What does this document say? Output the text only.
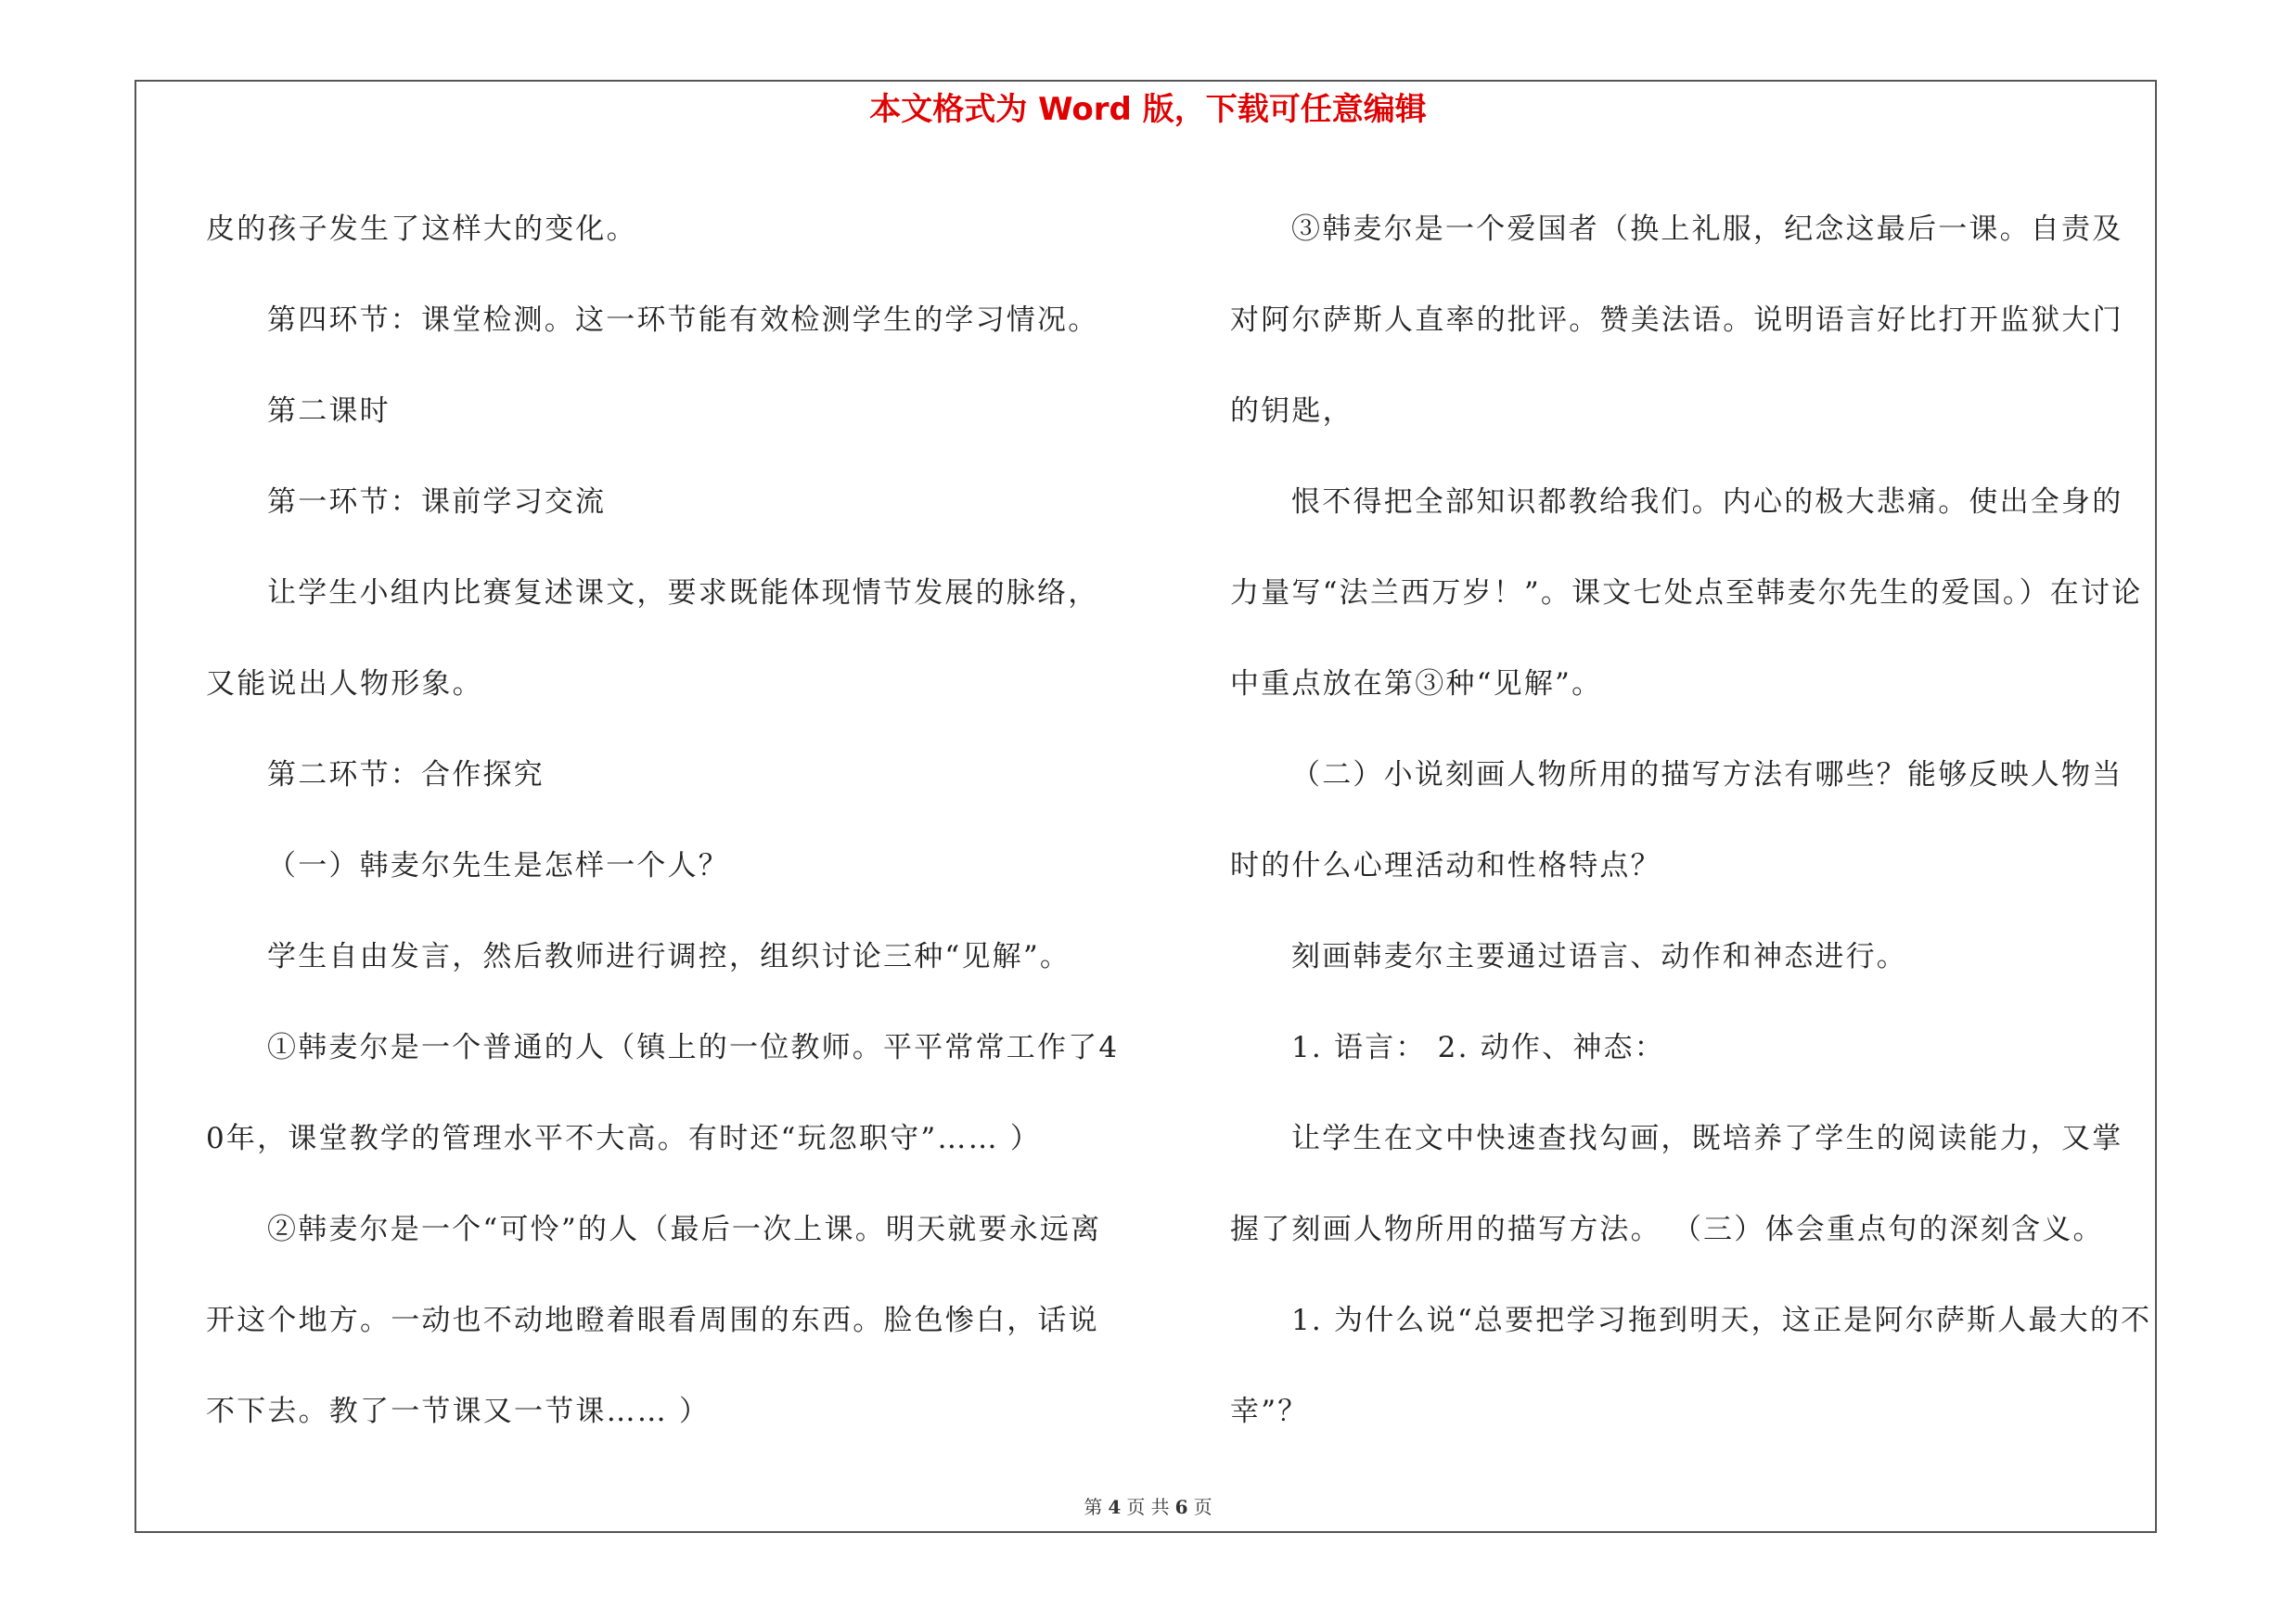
本文格式为 Word 版，下载可任意编辑

皮的孩子发生了这样大的变化。

第四环节：课堂检测。这一环节能有效检测学生的学习情况。

第二课时

第一环节：课前学习交流

让学生小组内比赛复述课文，要求既能体现情节发展的脉络，又能说出人物形象。

第二环节：合作探究

（一）韩麦尔先生是怎样一个人？

学生自由发言，然后教师进行调控，组织讨论三种“见解”。

①韩麦尔是一个普通的人（镇上的一位教师。平平常常工作了40年，课堂教学的管理水平不大高。有时还“玩忽职守”…… ）

②韩麦尔是一个“可怜”的人（最后一次上课。明天就要永远离开这个地方。一动也不动地瞪着眼看周围的东西。脸色惨白，话说不下去。教了一节课又一节课…… ）

③韩麦尔是一个爱国者（换上礼服，纪念这最后一课。自责及对阿尔萨斯人直率的批评。赞美法语。说明语言好比打开监狱大门的钥匙，

恨不得把全部知识都教给我们。内心的极大悲痛。使出全身的力量写“法兰西万岁！”。课文七处点至韩麦尔先生的爱国。）在讨论中重点放在第③种“见解”。

（二）小说刻画人物所用的描写方法有哪些？能够反映人物当时的什么心理活动和性格特点？

刻画韩麦尔主要通过语言、动作和神态进行。

1. 语言： 2. 动作、神态：

让学生在文中快速查找勾画，既培养了学生的阅读能力，又掌握了刻画人物所用的描写方法。 （三）体会重点句的深刻含义。

1. 为什么说“总要把学习拖到明天，这正是阿尔萨斯人最大的不幸”？

第 4 页 共 6 页
